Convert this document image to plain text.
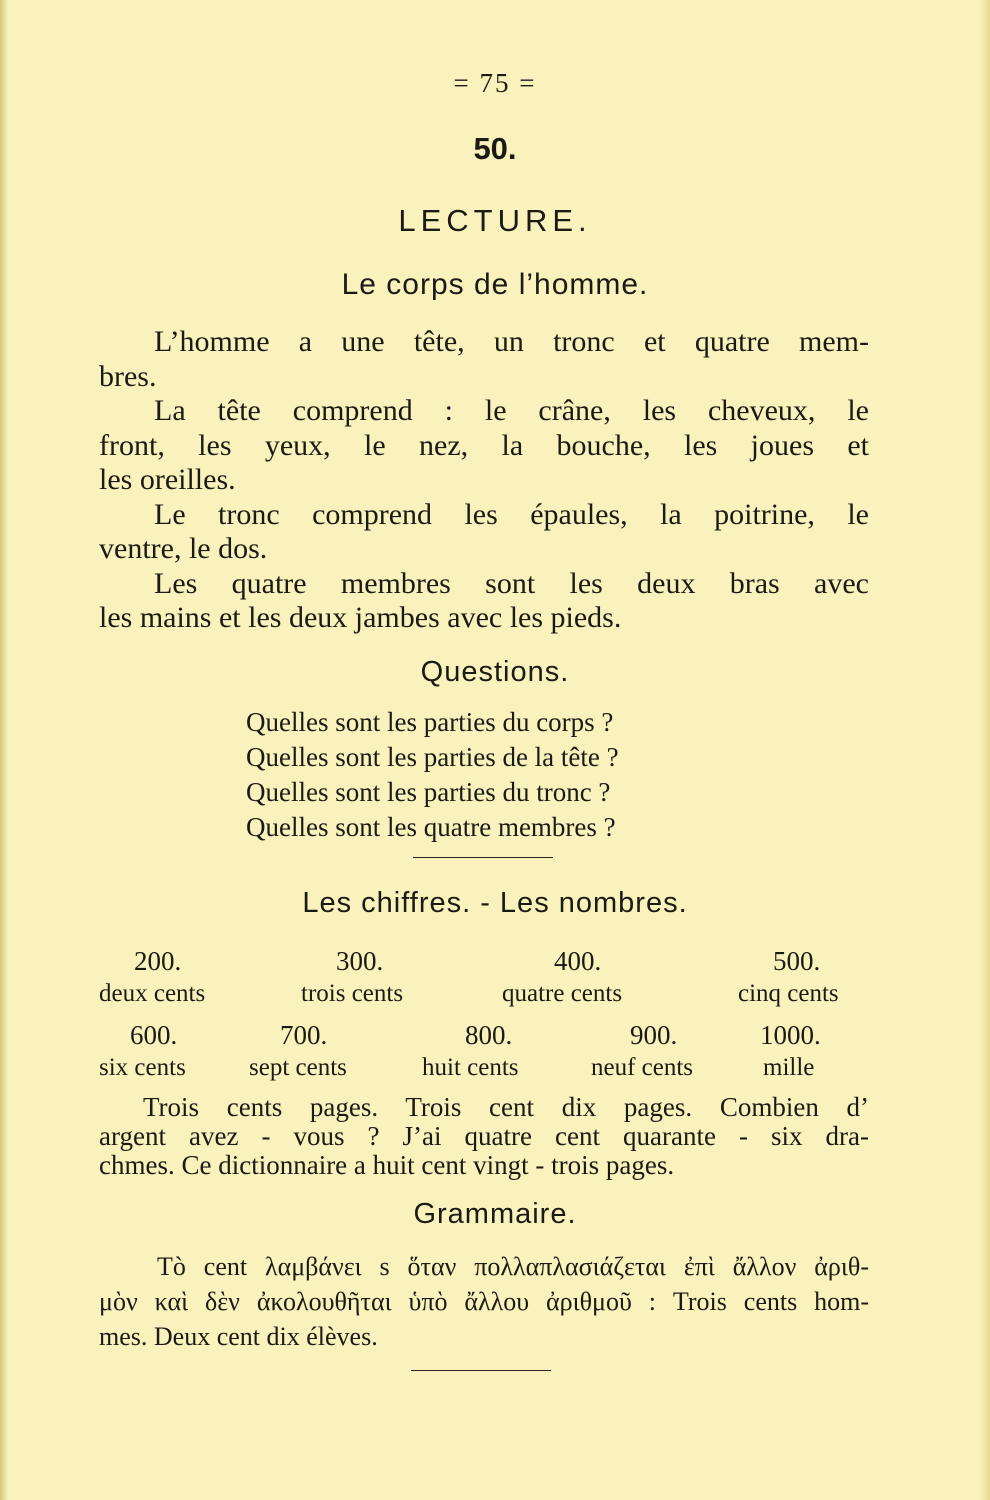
= 75 =
50.
LECTURE.
Le corps de l’homme.
L’homme a une tête, un tronc et quatre mem-
bres.
La tête comprend : le crâne, les cheveux, le
front, les yeux, le nez, la bouche, les joues et
les oreilles.
Le tronc comprend les épaules, la poitrine, le
ventre, le dos.
Les quatre membres sont les deux bras avec
les mains et les deux jambes avec les pieds.
Questions.
Quelles sont les parties du corps ?
Quelles sont les parties de la tête ?
Quelles sont les parties du tronc ?
Quelles sont les quatre membres ?
Les chiffres. - Les nombres.
200.	300.	400.	500.
deux cents	trois cents	quatre cents	cinq cents
600.	700.	800.	900.	1000.
six cents	sept cents	huit cents	neuf cents	mille
Trois cents pages. Trois cent dix pages. Combien d’
argent avez - vous ? J’ai quatre cent quarante - six dra-
chmes. Ce dictionnaire a huit cent vingt - trois pages.
Grammaire.
Tò cent λαμβάνει s ὅταν πολλαπλασιάζεται ἐπὶ ἄλλον ἀριθ-
μὸν καὶ δὲν ἀκολουθῆται ὑπὸ ἄλλου ἀριθμοῦ : Trois cents hom-
mes. Deux cent dix élèves.
